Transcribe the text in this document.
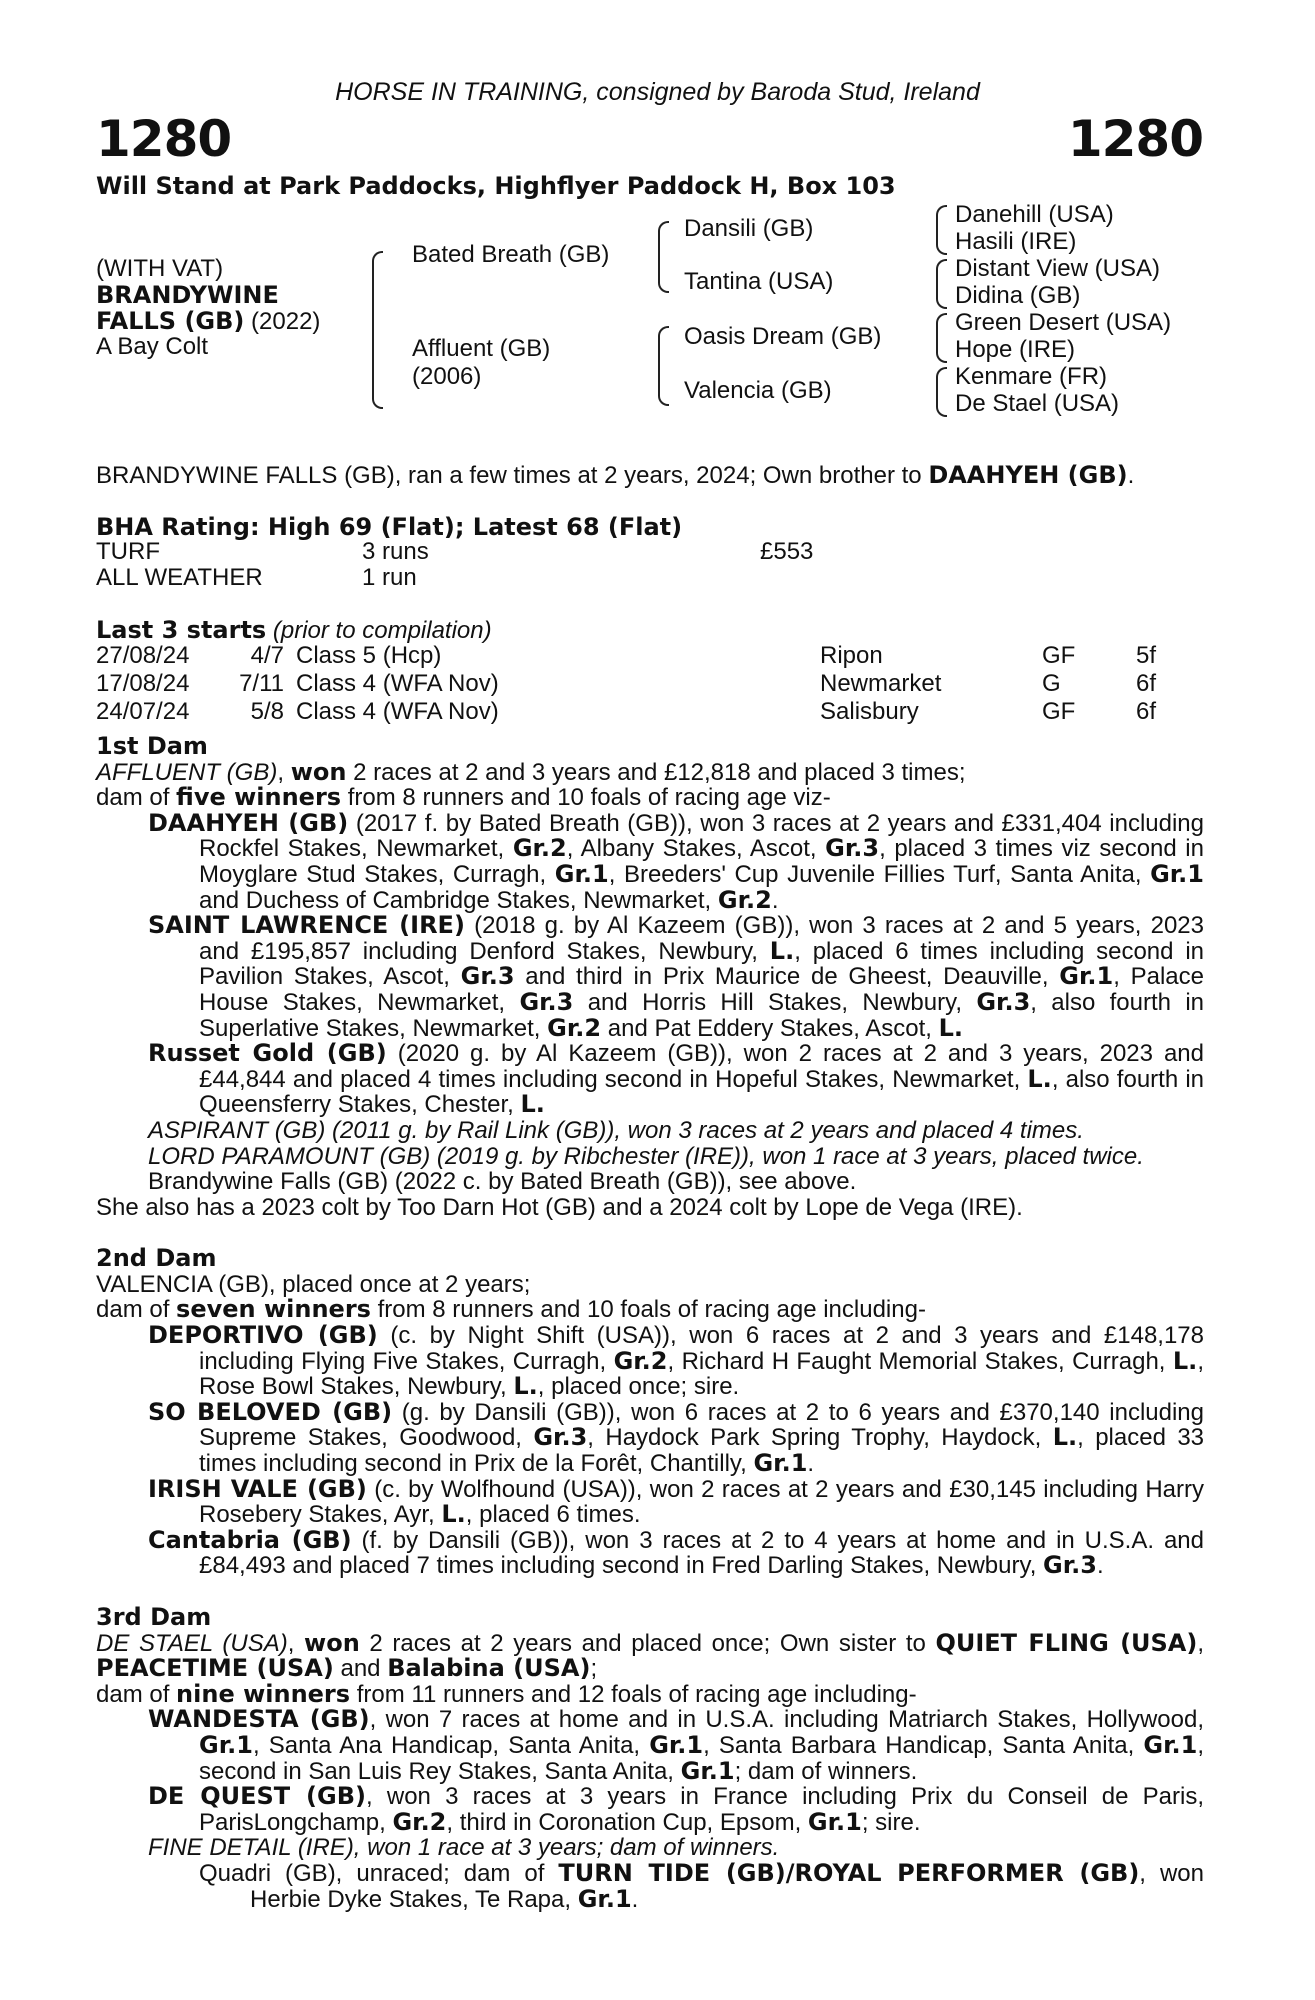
HORSE IN TRAINING, consigned by Baroda Stud, Ireland
1280	1280
Will Stand at Park Paddocks, Highflyer Paddock H, Box 103
(WITH VAT)
BRANDYWINE
FALLS (GB) (2022)
A Bay Colt
Bated Breath (GB)
Affluent (GB)
(2006)
Dansili (GB)
Tantina (USA)
Oasis Dream (GB)
Valencia (GB)
Danehill (USA)
Hasili (IRE)
Distant View (USA)
Didina (GB)
Green Desert (USA)
Hope (IRE)
Kenmare (FR)
De Stael (USA)
BRANDYWINE FALLS (GB), ran a few times at 2 years, 2024; Own brother to DAAHYEH (GB).
BHA Rating: High 69 (Flat); Latest 68 (Flat)
TURF	3 runs	£553
ALL WEATHER	1 run
Last 3 starts (prior to compilation)
27/08/24	4/7	Class 5 (Hcp)	Ripon	GF	5f
17/08/24	7/11	Class 4 (WFA Nov)	Newmarket	G	6f
24/07/24	5/8	Class 4 (WFA Nov)	Salisbury	GF	6f

1st Dam

AFFLUENT (GB), won 2 races at 2 and 3 years and £12,818 and placed 3 times;

dam of five winners from 8 runners and 10 foals of racing age viz-

DAAHYEH (GB) (2017 f. by Bated Breath (GB)), won 3 races at 2 years and £331,404 including Rockfel Stakes, Newmarket, Gr.2, Albany Stakes, Ascot, Gr.3, placed 3 times viz second in Moyglare Stud Stakes, Curragh, Gr.1, Breeders' Cup Juvenile Fillies Turf, Santa Anita, Gr.1 and Duchess of Cambridge Stakes, Newmarket, Gr.2.

SAINT LAWRENCE (IRE) (2018 g. by Al Kazeem (GB)), won 3 races at 2 and 5 years, 2023 and £195,857 including Denford Stakes, Newbury, L., placed 6 times including second in Pavilion Stakes, Ascot, Gr.3 and third in Prix Maurice de Gheest, Deauville, Gr.1, Palace House Stakes, Newmarket, Gr.3 and Horris Hill Stakes, Newbury, Gr.3, also fourth in Superlative Stakes, Newmarket, Gr.2 and Pat Eddery Stakes, Ascot, L.

Russet Gold (GB) (2020 g. by Al Kazeem (GB)), won 2 races at 2 and 3 years, 2023 and £44,844 and placed 4 times including second in Hopeful Stakes, Newmarket, L., also fourth in Queensferry Stakes, Chester, L.

ASPIRANT (GB) (2011 g. by Rail Link (GB)), won 3 races at 2 years and placed 4 times.

LORD PARAMOUNT (GB) (2019 g. by Ribchester (IRE)), won 1 race at 3 years, placed twice.

Brandywine Falls (GB) (2022 c. by Bated Breath (GB)), see above.

She also has a 2023 colt by Too Darn Hot (GB) and a 2024 colt by Lope de Vega (IRE).

2nd Dam

VALENCIA (GB), placed once at 2 years;

dam of seven winners from 8 runners and 10 foals of racing age including-

DEPORTIVO (GB) (c. by Night Shift (USA)), won 6 races at 2 and 3 years and £148,178 including Flying Five Stakes, Curragh, Gr.2, Richard H Faught Memorial Stakes, Curragh, L., Rose Bowl Stakes, Newbury, L., placed once; sire.

SO BELOVED (GB) (g. by Dansili (GB)), won 6 races at 2 to 6 years and £370,140 including Supreme Stakes, Goodwood, Gr.3, Haydock Park Spring Trophy, Haydock, L., placed 33 times including second in Prix de la Forêt, Chantilly, Gr.1.

IRISH VALE (GB) (c. by Wolfhound (USA)), won 2 races at 2 years and £30,145 including Harry Rosebery Stakes, Ayr, L., placed 6 times.

Cantabria (GB) (f. by Dansili (GB)), won 3 races at 2 to 4 years at home and in U.S.A. and £84,493 and placed 7 times including second in Fred Darling Stakes, Newbury, Gr.3.

3rd Dam

DE STAEL (USA), won 2 races at 2 years and placed once; Own sister to QUIET FLING (USA), PEACETIME (USA) and Balabina (USA);

dam of nine winners from 11 runners and 12 foals of racing age including-

WANDESTA (GB), won 7 races at home and in U.S.A. including Matriarch Stakes, Hollywood, Gr.1, Santa Ana Handicap, Santa Anita, Gr.1, Santa Barbara Handicap, Santa Anita, Gr.1, second in San Luis Rey Stakes, Santa Anita, Gr.1; dam of winners.

DE QUEST (GB), won 3 races at 3 years in France including Prix du Conseil de Paris, ParisLongchamp, Gr.2, third in Coronation Cup, Epsom, Gr.1; sire.

FINE DETAIL (IRE), won 1 race at 3 years; dam of winners.

Quadri (GB), unraced; dam of TURN TIDE (GB)/ROYAL PERFORMER (GB), won Herbie Dyke Stakes, Te Rapa, Gr.1.
